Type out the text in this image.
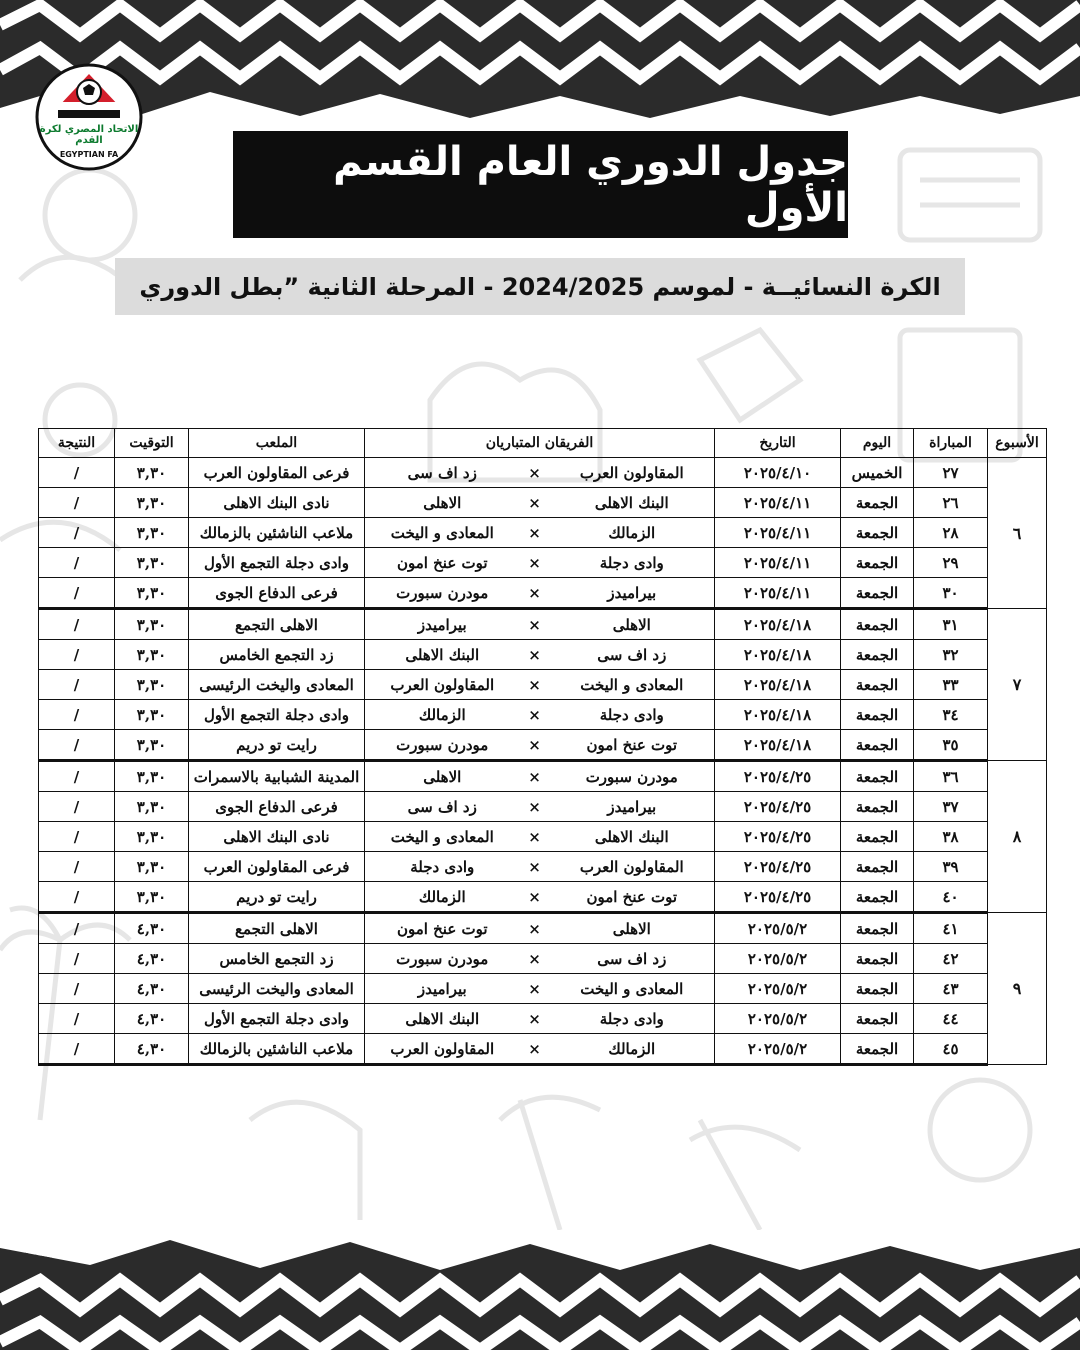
الاتحاد المصري لكرة القدم
EGYPTIAN FA	جدول الدوري العام القسم الأول
الكرة النسائيــة - لموسم 2024/2025 - المرحلة الثانية ”بطل الدوري
الأسبوع	المباراة	اليوم	التاريخ	الفريقان المتباريان			الملعب	التوقيت	النتيجة
٦	٢٧	الخميس	٢٠٢٥/٤/١٠	المقاولون العرب	×	زد اف سى	فرعى المقاولون العرب	٣,٣٠	/
	٢٦	الجمعة	٢٠٢٥/٤/١١	البنك الاهلى	×	الاهلى	نادى البنك الاهلى	٣,٣٠	/
	٢٨	الجمعة	٢٠٢٥/٤/١١	الزمالك	×	المعادى و اليخت	ملاعب الناشئين بالزمالك	٣,٣٠	/
	٢٩	الجمعة	٢٠٢٥/٤/١١	وادى دجلة	×	توت عنخ امون	وادى دجلة التجمع الأول	٣,٣٠	/
	٣٠	الجمعة	٢٠٢٥/٤/١١	بيراميدز	×	مودرن سبورت	فرعى الدفاع الجوى	٣,٣٠	/
٧	٣١	الجمعة	٢٠٢٥/٤/١٨	الاهلى	×	بيراميدز	الاهلى التجمع	٣,٣٠	/
	٣٢	الجمعة	٢٠٢٥/٤/١٨	زد اف سى	×	البنك الاهلى	زد التجمع الخامس	٣,٣٠	/
	٣٣	الجمعة	٢٠٢٥/٤/١٨	المعادى و اليخت	×	المقاولون العرب	المعادى واليخت الرئيسى	٣,٣٠	/
	٣٤	الجمعة	٢٠٢٥/٤/١٨	وادى دجلة	×	الزمالك	وادى دجلة التجمع الأول	٣,٣٠	/
	٣٥	الجمعة	٢٠٢٥/٤/١٨	توت عنخ امون	×	مودرن سبورت	رايت تو دريم	٣,٣٠	/
٨	٣٦	الجمعة	٢٠٢٥/٤/٢٥	مودرن سبورت	×	الاهلى	المدينة الشبابية بالاسمرات	٣,٣٠	/
	٣٧	الجمعة	٢٠٢٥/٤/٢٥	بيراميدز	×	زد اف سى	فرعى الدفاع الجوى	٣,٣٠	/
	٣٨	الجمعة	٢٠٢٥/٤/٢٥	البنك الاهلى	×	المعادى و اليخت	نادى البنك الاهلى	٣,٣٠	/
	٣٩	الجمعة	٢٠٢٥/٤/٢٥	المقاولون العرب	×	وادى دجلة	فرعى المقاولون العرب	٣,٣٠	/
	٤٠	الجمعة	٢٠٢٥/٤/٢٥	توت عنخ امون	×	الزمالك	رايت تو دريم	٣,٣٠	/
٩	٤١	الجمعة	٢٠٢٥/٥/٢	الاهلى	×	توت عنخ امون	الاهلى التجمع	٤,٣٠	/
	٤٢	الجمعة	٢٠٢٥/٥/٢	زد اف سى	×	مودرن سبورت	زد التجمع الخامس	٤,٣٠	/
	٤٣	الجمعة	٢٠٢٥/٥/٢	المعادى و اليخت	×	بيراميدز	المعادى واليخت الرئيسى	٤,٣٠	/
	٤٤	الجمعة	٢٠٢٥/٥/٢	وادى دجلة	×	البنك الاهلى	وادى دجلة التجمع الأول	٤,٣٠	/
	٤٥	الجمعة	٢٠٢٥/٥/٢	الزمالك	×	المقاولون العرب	ملاعب الناشئين بالزمالك	٤,٣٠	/
